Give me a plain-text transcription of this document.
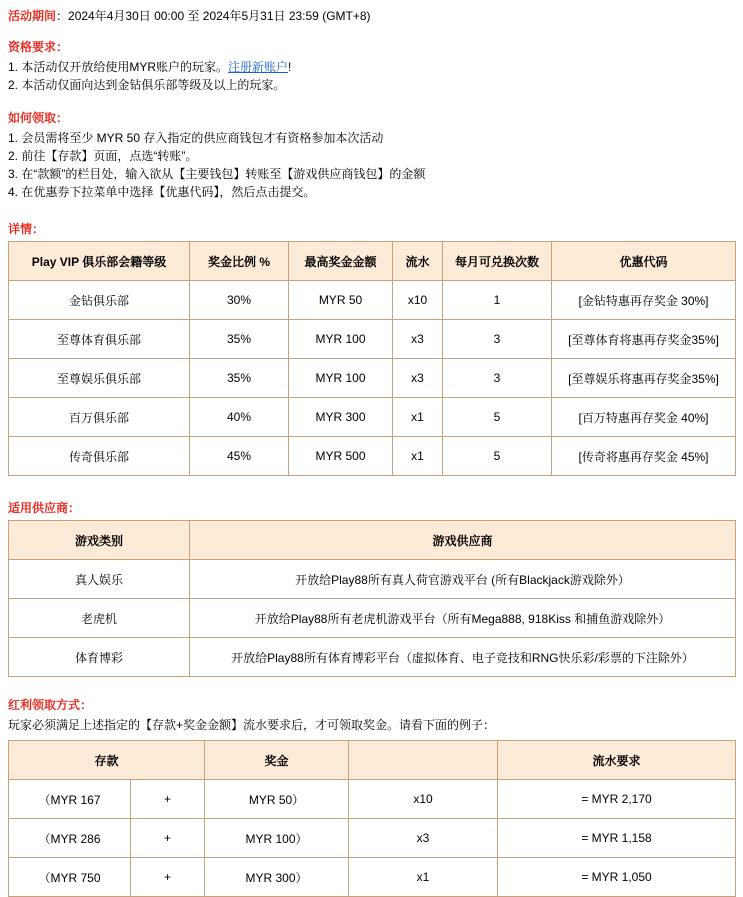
活动期间：2024年4月30日 00:00 至 2024年5月31日 23:59 (GMT+8)
资格要求：
1. 本活动仅开放给使用MYR账户的玩家。注册新账户!
2. 本活动仅面向达到金钻俱乐部等级及以上的玩家。
如何领取：
1. 会员需将至少 MYR 50 存入指定的供应商钱包才有资格参加本次活动
2. 前往【存款】页面，点选“转账”。
3. 在“款额”的栏目处，输入欲从【主要钱包】转账至【游戏供应商钱包】的金额
4. 在优惠券下拉菜单中选择【优惠代码】，然后点击提交。
详情：
Play VIP 俱乐部会籍等级	奖金比例 %	最高奖金金额	流水	每月可兑换次数	优惠代码
金钻俱乐部	30%	MYR 50	x10	1	[金钻特惠再存奖金 30%]
至尊体育俱乐部	35%	MYR 100	x3	3	[至尊体育将惠再存奖金35%]
至尊娱乐俱乐部	35%	MYR 100	x3	3	[至尊娱乐将惠再存奖金35%]
百万俱乐部	40%	MYR 300	x1	5	[百万特惠再存奖金 40%]
传奇俱乐部	45%	MYR 500	x1	5	[传奇将惠再存奖金 45%]
适用供应商：
游戏类别	游戏供应商
真人娱乐	开放给Play88所有真人荷官游戏平台 (所有Blackjack游戏除外）
老虎机	开放给Play88所有老虎机游戏平台（所有Mega888, 918Kiss 和捕鱼游戏除外）
体育博彩	开放给Play88所有体育博彩平台（虚拟体育、电子竞技和RNG快乐彩/彩票的下注除外）
红利领取方式：
玩家必须满足上述指定的【存款+奖金金额】流水要求后，才可领取奖金。请看下面的例子：
存款		奖金		流水要求
（MYR 167	+	MYR 50）	x10	= MYR 2,170
（MYR 286	+	MYR 100）	x3	= MYR 1,158
（MYR 750	+	MYR 300）	x1	= MYR 1,050
